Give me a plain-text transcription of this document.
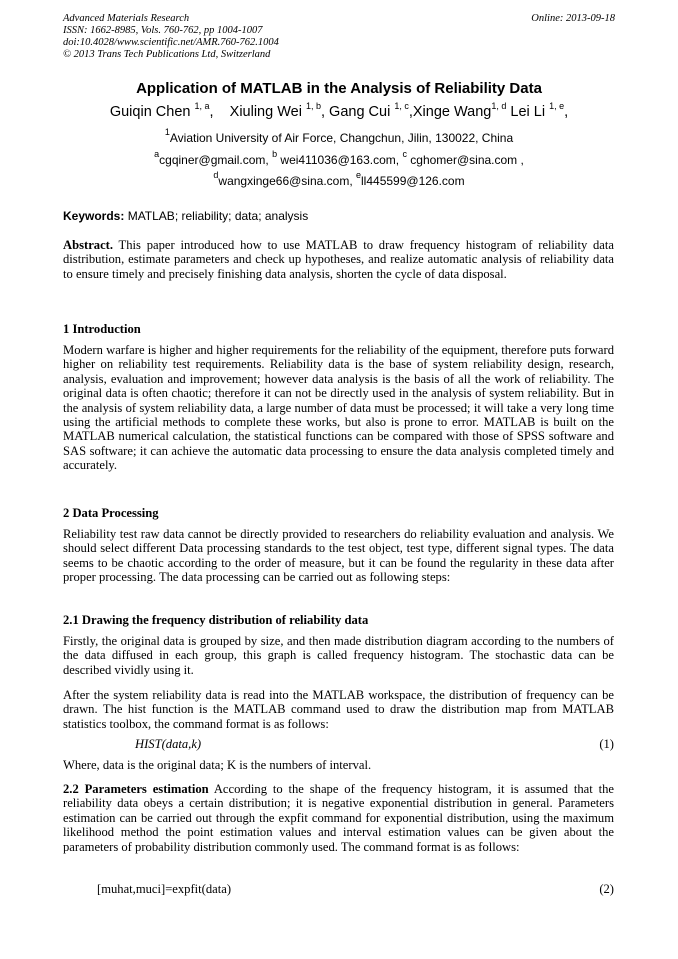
Advanced Materials Research
ISSN: 1662-8985, Vols. 760-762, pp 1004-1007
doi:10.4028/www.scientific.net/AMR.760-762.1004
© 2013 Trans Tech Publications Ltd, Switzerland
Online: 2013-09-18
Application of MATLAB in the Analysis of Reliability Data
Guiqin Chen $^{1, a}$,    Xiuling Wei $^{1, b}$, Gang Cui $^{1, c}$,Xinge Wang$^{1, d}$ Lei Li $^{1, e}$,
$^1$Aviation University of Air Force, Changchun, Jilin, 130022, China
$^a$cgqiner@gmail.com, $^b$ wei411036@163.com, $^c$ cghomer@sina.com ,
$^d$wangxinge66@sina.com, $^e$ll445599@126.com
Keywords: MATLAB; reliability; data; analysis
Abstract. This paper introduced how to use MATLAB to draw frequency histogram of reliability data distribution, estimate parameters and check up hypotheses, and realize automatic analysis of reliability data to ensure timely and precisely finishing data analysis, shorten the cycle of data disposal.
1 Introduction
Modern warfare is higher and higher requirements for the reliability of the equipment, therefore puts forward higher on reliability test requirements. Reliability data is the base of system reliability design, research, analysis, evaluation and improvement; however data analysis is the basis of all the work of reliability. The original data is often chaotic; therefore it can not be directly used in the analysis of system reliability. But in the analysis of system reliability data, a large number of data must be processed; it will take a very long time using the artificial methods to complete these works, but also is prone to error. MATLAB is built on the MATLAB numerical calculation, the statistical functions can be compared with those of SPSS software and SAS software; it can achieve the automatic data processing to ensure the data analysis completed timely and accurately.
2 Data Processing
Reliability test raw data cannot be directly provided to researchers do reliability evaluation and analysis. We should select different Data processing standards to the test object, test type, different signal types. The data seems to be chaotic according to the order of measure, but it can be found the regularity in these data after proper processing. The data processing can be carried out as following steps:
2.1 Drawing the frequency distribution of reliability data
Firstly, the original data is grouped by size, and then made distribution diagram according to the numbers of the data diffused in each group, this graph is called frequency histogram. The stochastic data can be described vividly using it.
After the system reliability data is read into the MATLAB workspace, the distribution of frequency can be drawn. The hist function is the MATLAB command used to draw the distribution map from MATLAB statistics toolbox, the command format is as follows:
HIST(data,k)	(1)
Where, data is the original data; K is the numbers of interval.
2.2 Parameters estimation According to the shape of the frequency histogram, it is assumed that the reliability data obeys a certain distribution; it is negative exponential distribution in general. Parameters estimation can be carried out through the expfit command for exponential distribution, using the maximum likelihood method the point estimation values and interval estimation values can be given about the parameters of probability distribution commonly used. The command format is as follows:
[muhat,muci]=expfit(data)	(2)
